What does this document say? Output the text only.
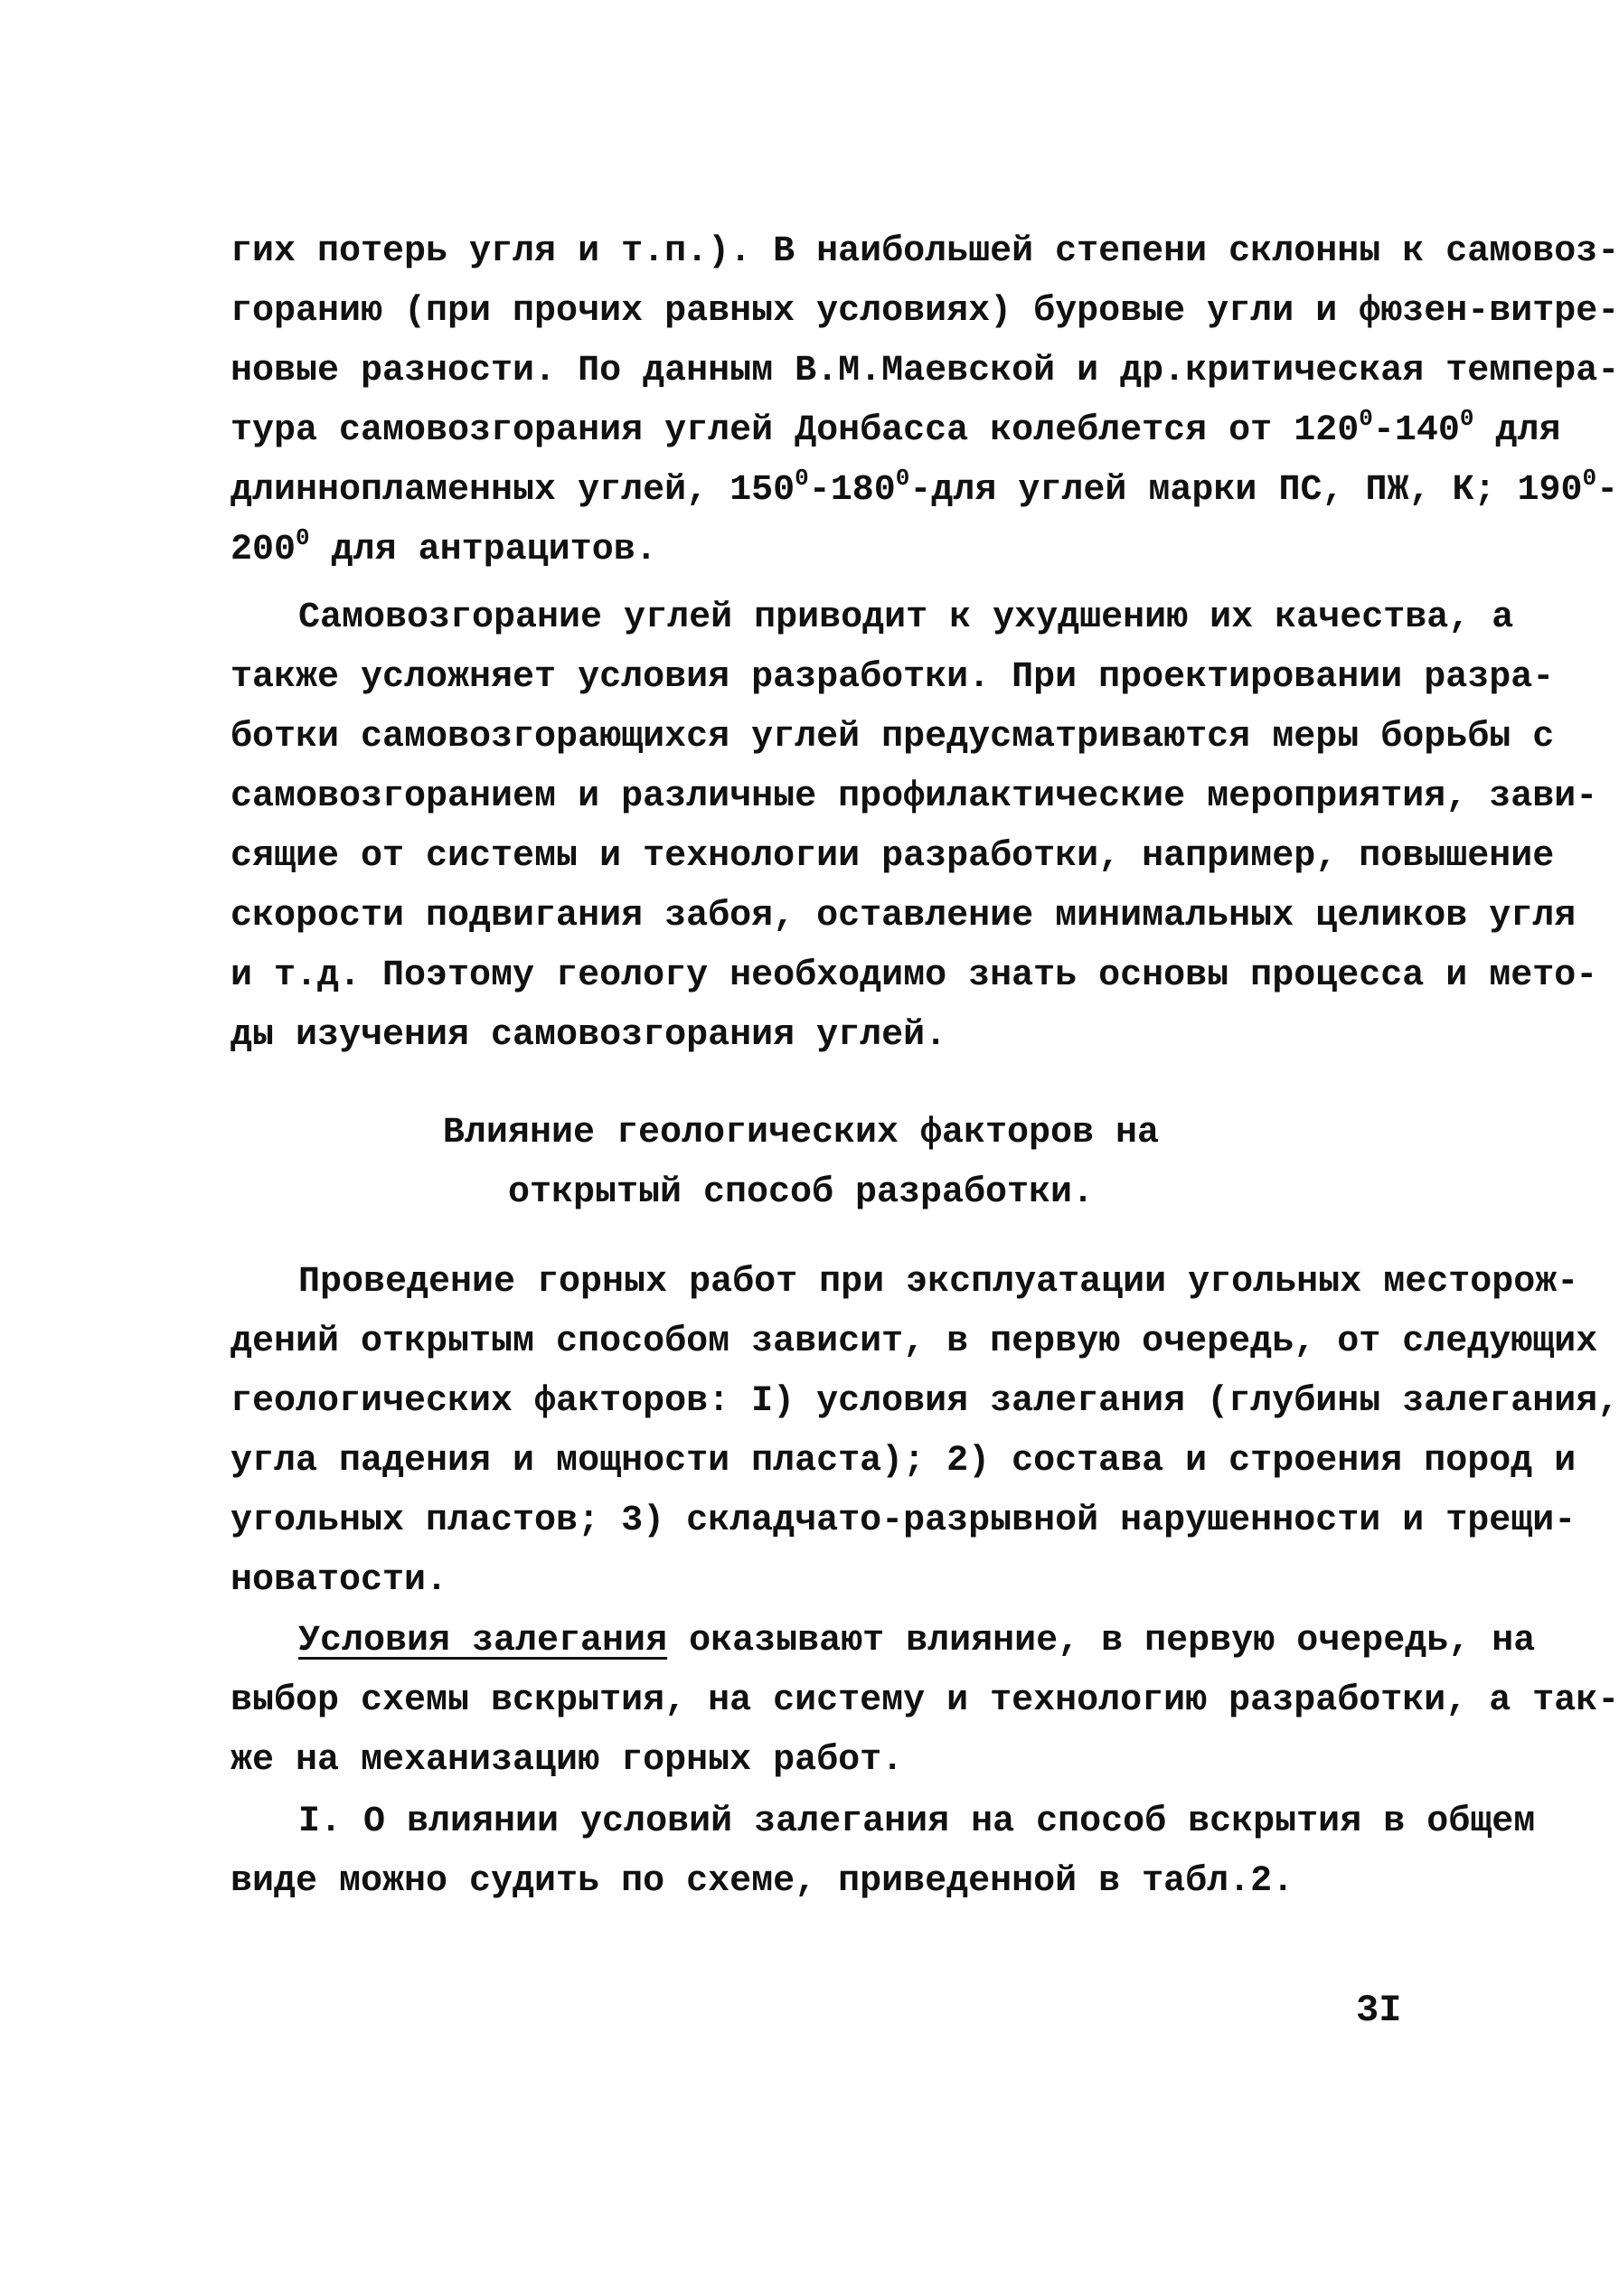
гих потерь угля и т.п.). В наибольшей степени склонны к самовоз-
горанию (при прочих равных условиях) буровые угли и фюзен-витре-
новые разности. По данным В.М.Маевской и др.критическая темпера-
тура самовозгорания углей Донбасса колеблется от $120^0-140^0$ для
длиннопламенных углей, $150^0-180^0$-для углей марки ПС, ПЖ, К; $190^0-$
$200^0$ для антрацитов.
Самовозгорание углей приводит к ухудшению их качества, а
также усложняет условия разработки. При проектировании разра-
ботки самовозгорающихся углей предусматриваются меры борьбы с
самовозгоранием и различные профилактические мероприятия, зави-
сящие от системы и технологии разработки, например, повышение
скорости подвигания забоя, оставление минимальных целиков угля
и т.д. Поэтому геологу необходимо знать основы процесса и мето-
ды изучения самовозгорания углей.
Влияние геологических факторов на
открытый способ разработки.
Проведение горных работ при эксплуатации угольных месторож-
дений открытым способом зависит, в первую очередь, от следующих
геологических факторов: I) условия залегания (глубины залегания,
угла падения и мощности пласта); 2) состава и строения пород и
угольных пластов; 3) складчато-разрывной нарушенности и трещи-
новатости.
Условия залегания оказывают влияние, в первую очередь, на
выбор схемы вскрытия, на систему и технологию разработки, а так-
же на механизацию горных работ.
I. О влиянии условий залегания на способ вскрытия в общем
виде можно судить по схеме, приведенной в табл.2.
3I
